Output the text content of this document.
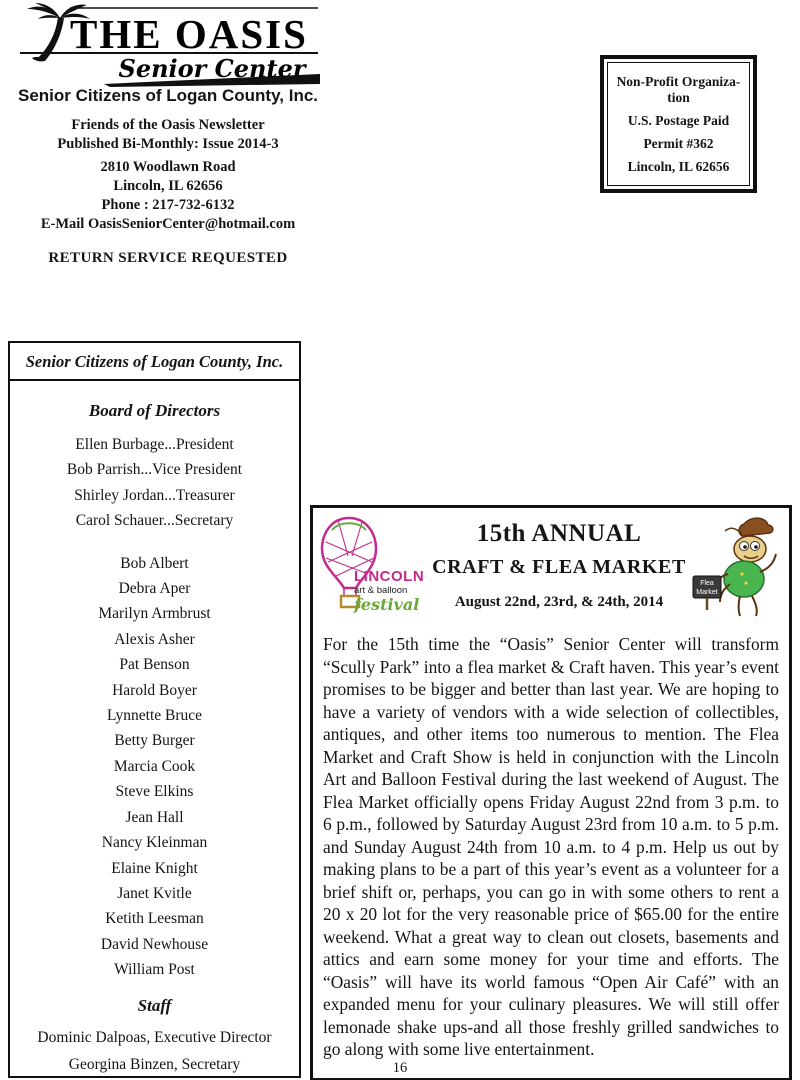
THE OASIS
Senior Center
Senior Citizens of Logan County, Inc.
Friends of the Oasis Newsletter
Published Bi-Monthly: Issue 2014-3
2810 Woodlawn Road
Lincoln, IL 62656
Phone : 217-732-6132
E-Mail OasisSeniorCenter@hotmail.com
RETURN SERVICE REQUESTED
Non-Profit Organiza-
tion
U.S. Postage Paid
Permit #362
Lincoln, IL 62656
Senior Citizens of Logan County, Inc.
Board of Directors
Ellen Burbage...President
Bob Parrish...Vice President
Shirley Jordan...Treasurer
Carol Schauer...Secretary
Bob Albert
Debra Aper
Marilyn Armbrust
Alexis Asher
Pat Benson
Harold Boyer
Lynnette Bruce
Betty Burger
Marcia Cook
Steve Elkins
Jean Hall
Nancy Kleinman
Elaine Knight
Janet Kvitle
Ketith Leesman
David Newhouse
William Post
Staff
Dominic Dalpoas, Executive Director
Georgina Binzen, Secretary
LINCOLN
art & balloon
festival
15th ANNUAL
CRAFT & FLEA MARKET
August 22nd, 23rd, & 24th, 2014
Flea
Market

For the 15th time the “Oasis” Senior Center will transform “Scully Park” into a flea market & Craft haven. This year’s event promises to be bigger and better than last year. We are hoping to have a variety of vendors with a wide selection of collectibles, antiques, and other items too numerous to mention. The Flea Market and Craft Show is held in conjunction with the Lincoln Art and Balloon Festival during the last weekend of August. The Flea Market officially opens Friday August 22nd from 3 p.m. to 6 p.m., followed by Saturday August 23rd from 10 a.m. to 5 p.m. and Sunday August 24th from 10 a.m. to 4 p.m. Help us out by making plans to be a part of this year’s event as a volunteer for a brief shift or, perhaps, you can go in with some others to rent a 20 x 20 lot for the very reasonable price of $65.00 for the entire weekend. What a great way to clean out closets, basements and attics and earn some money for your time and efforts. The “Oasis” will have its world famous “Open Air Café” with an expanded menu for your culinary pleasures. We will still offer lemonade shake ups-and all those freshly grilled sandwiches to go along with some live entertainment.

16
